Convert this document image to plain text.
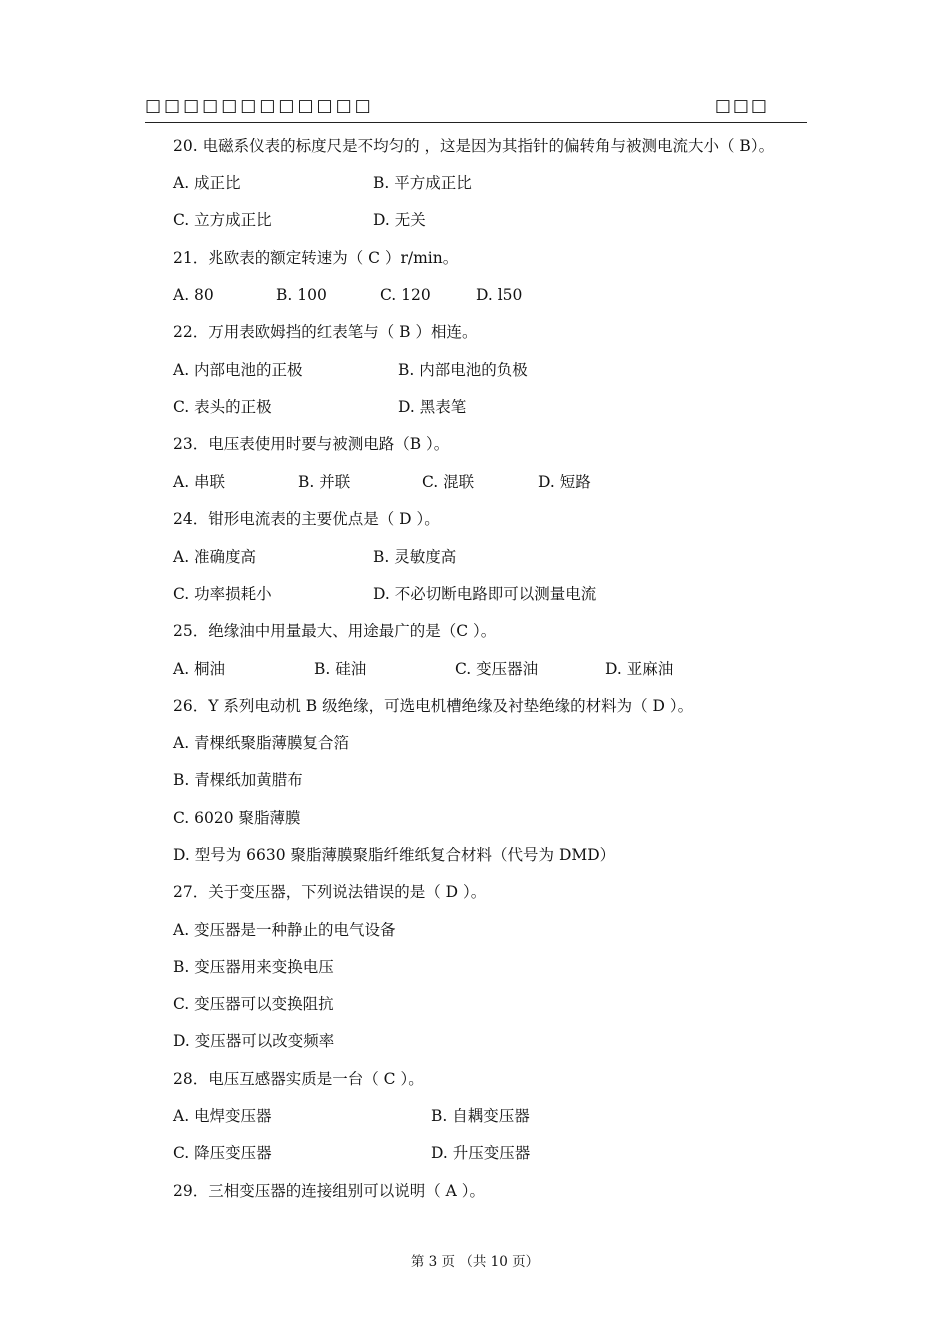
□□□□□□□□□□□□	□□□
20. 电磁系仪表的标度尺是不均匀的 ，这是因为其指针的偏转角与被测电流大小（ B）。
A. 成正比	B. 平方成正比
C. 立方成正比	D. 无关
21．兆欧表的额定转速为（ C ）r/min。
A. 80	B. 100	C. 120	D. l50
22．万用表欧姆挡的红表笔与（ B ）相连。
A. 内部电池的正极	B. 内部电池的负极
C. 表头的正极	D. 黑表笔
23．电压表使用时要与被测电路（B ）。
A. 串联	B. 并联	C. 混联	D. 短路
24．钳形电流表的主要优点是（ D ）。
A. 准确度高	B. 灵敏度高
C. 功率损耗小	D. 不必切断电路即可以测量电流
25．绝缘油中用量最大、用途最广的是（C ）。
A. 桐油	B. 硅油	C. 变压器油	D. 亚麻油
26．Y 系列电动机 B 级绝缘，可选电机槽绝缘及衬垫绝缘的材料为（ D ）。
A. 青棵纸聚脂薄膜复合箔
B. 青棵纸加黄腊布
C. 6020 聚脂薄膜
D. 型号为 6630 聚脂薄膜聚脂纤维纸复合材料（代号为 DMD）
27．关于变压器，下列说法错误的是（ D ）。
A. 变压器是一种静止的电气设备
B. 变压器用来变换电压
C. 变压器可以变换阻抗
D. 变压器可以改变频率
28．电压互感器实质是一台（ C ）。
A. 电焊变压器	B. 自耦变压器
C. 降压变压器	D. 升压变压器
29．三相变压器的连接组别可以说明（ A ）。
第 3 页 （共 10 页）
